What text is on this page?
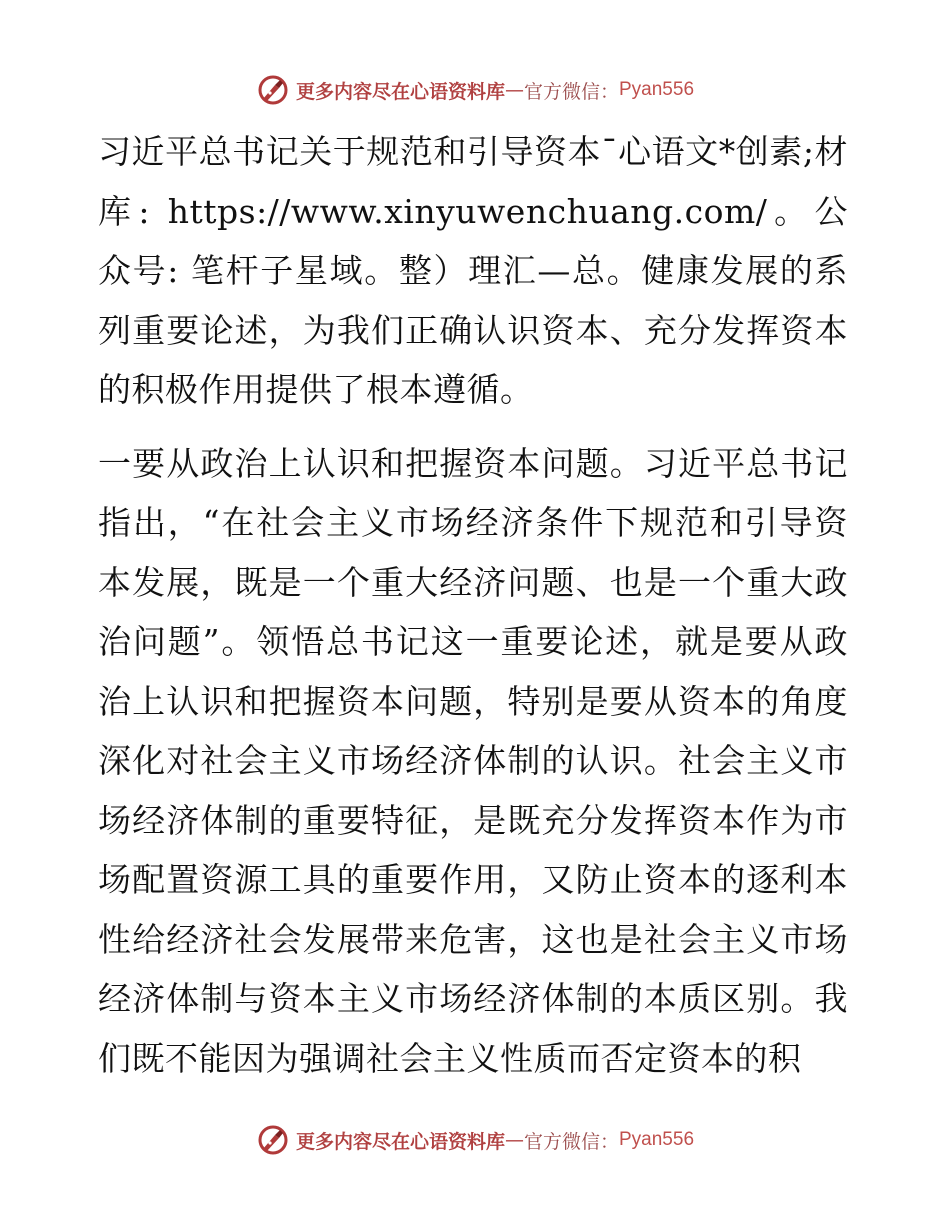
更多内容尽在心语资料库 — 官方微信： Pyan556

习近平总书记关于规范和引导资本¯心语文*创素;材库: https://www.xinyuwenchuang.com/。公众号: 笔杆子星域。整）理汇—总。健康发展的系列重要论述，为我们正确认识资本、充分发挥资本的积极作用提供了根本遵循。

一要从政治上认识和把握资本问题。习近平总书记指出，“在社会主义市场经济条件下规范和引导资本发展，既是一个重大经济问题、也是一个重大政治问题”。领悟总书记这一重要论述，就是要从政治上认识和把握资本问题，特别是要从资本的角度深化对社会主义市场经济体制的认识。社会主义市场经济体制的重要特征，是既充分发挥资本作为市场配置资源工具的重要作用，又防止资本的逐利本性给经济社会发展带来危害，这也是社会主义市场经济体制与资本主义市场经济体制的本质区别。我们既不能因为强调社会主义性质而否定资本的积

更多内容尽在心语资料库 — 官方微信： Pyan556
